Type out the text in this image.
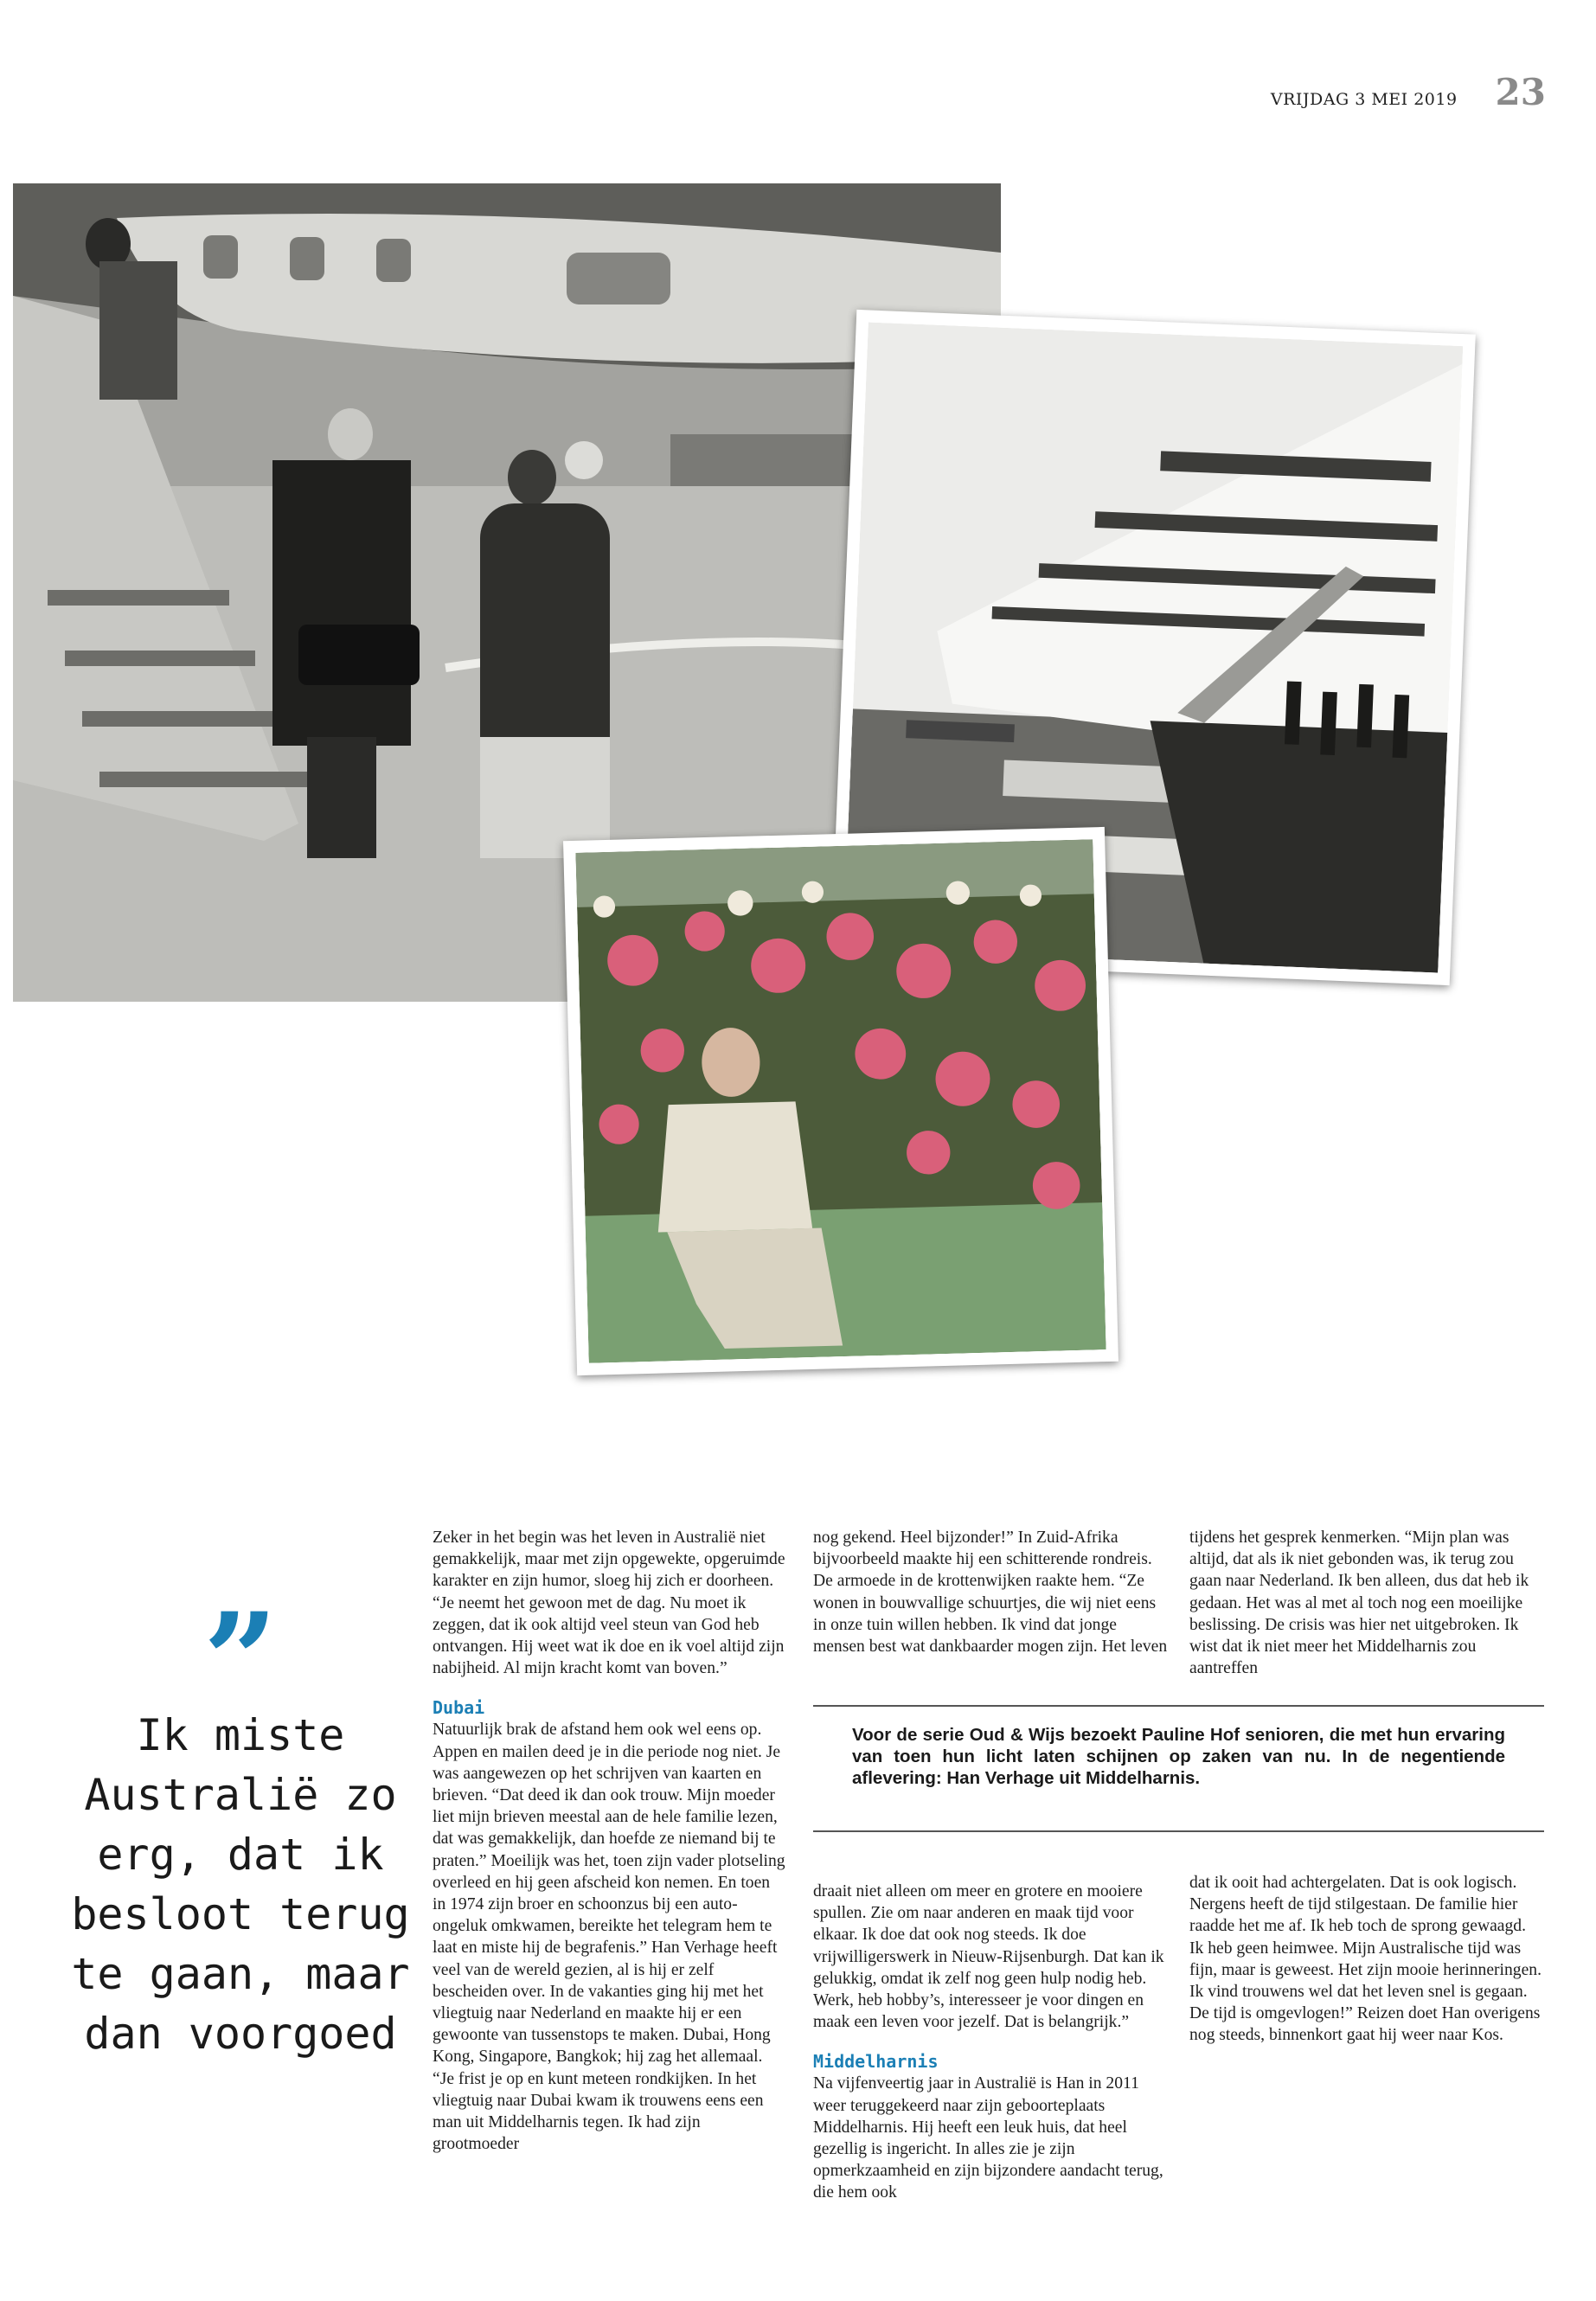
VRIJDAG 3 MEI 2019 23
”
Ik miste Australië zo erg, dat ik besloot terug te gaan, maar dan voorgoed

Zeker in het begin was het leven in Australië niet gemakkelijk, maar met zijn opgewekte, opgeruimde karakter en zijn humor, sloeg hij zich er doorheen. “Je neemt het gewoon met de dag. Nu moet ik zeggen, dat ik ook altijd veel steun van God heb ontvangen. Hij weet wat ik doe en ik voel altijd zijn nabijheid. Al mijn kracht komt van boven.”

Dubai

Natuurlijk brak de afstand hem ook wel eens op. Appen en mailen deed je in die periode nog niet. Je was aangewezen op het schrijven van kaarten en brieven. “Dat deed ik dan ook trouw. Mijn moeder liet mijn brieven meestal aan de hele familie lezen, dat was gemakkelijk, dan hoefde ze niemand bij te praten.” Moeilijk was het, toen zijn vader plotseling overleed en hij geen afscheid kon nemen. En toen in 1974 zijn broer en schoonzus bij een auto-ongeluk omkwamen, bereikte het telegram hem te laat en miste hij de begrafenis.” Han Verhage heeft veel van de wereld gezien, al is hij er zelf bescheiden over. In de vakanties ging hij met het vliegtuig naar Nederland en maakte hij er een gewoonte van tussenstops te maken. Dubai, Hong Kong, Singapore, Bangkok; hij zag het allemaal. “Je frist je op en kunt meteen rondkijken. In het vliegtuig naar Dubai kwam ik trouwens eens een man uit Middelharnis tegen. Ik had zijn grootmoeder

nog gekend. Heel bijzonder!” In Zuid-Afrika bijvoorbeeld maakte hij een schitterende rondreis. De armoede in de krottenwijken raakte hem. “Ze wonen in bouwvallige schuurtjes, die wij niet eens in onze tuin willen hebben. Ik vind dat jonge mensen best wat dankbaarder mogen zijn. Het leven

tijdens het gesprek kenmerken. “Mijn plan was altijd, dat als ik niet gebonden was, ik terug zou gaan naar Nederland. Ik ben alleen, dus dat heb ik gedaan. Het was al met al toch nog een moeilijke beslissing. De crisis was hier net uitgebroken. Ik wist dat ik niet meer het Middelharnis zou aantreffen

Voor de serie Oud & Wijs bezoekt Pauline Hof senioren, die met hun ervaring van toen hun licht laten schijnen op zaken van nu. In de negentiende aflevering: Han Verhage uit Middelharnis.

draait niet alleen om meer en grotere en mooiere spullen. Zie om naar anderen en maak tijd voor elkaar. Ik doe dat ook nog steeds. Ik doe vrijwilligerswerk in Nieuw-Rijsenburgh. Dat kan ik gelukkig, omdat ik zelf nog geen hulp nodig heb. Werk, heb hobby’s, interesseer je voor dingen en maak een leven voor jezelf. Dat is belangrijk.”

Middelharnis

Na vijfenveertig jaar in Australië is Han in 2011 weer teruggekeerd naar zijn geboorteplaats Middelharnis. Hij heeft een leuk huis, dat heel gezellig is ingericht. In alles zie je zijn opmerkzaamheid en zijn bijzondere aandacht terug, die hem ook

dat ik ooit had achtergelaten. Dat is ook logisch. Nergens heeft de tijd stilgestaan. De familie hier raadde het me af. Ik heb toch de sprong gewaagd. Ik heb geen heimwee. Mijn Australische tijd was fijn, maar is geweest. Het zijn mooie herinneringen. Ik vind trouwens wel dat het leven snel is gegaan. De tijd is omgevlogen!” Reizen doet Han overigens nog steeds, binnenkort gaat hij weer naar Kos.
